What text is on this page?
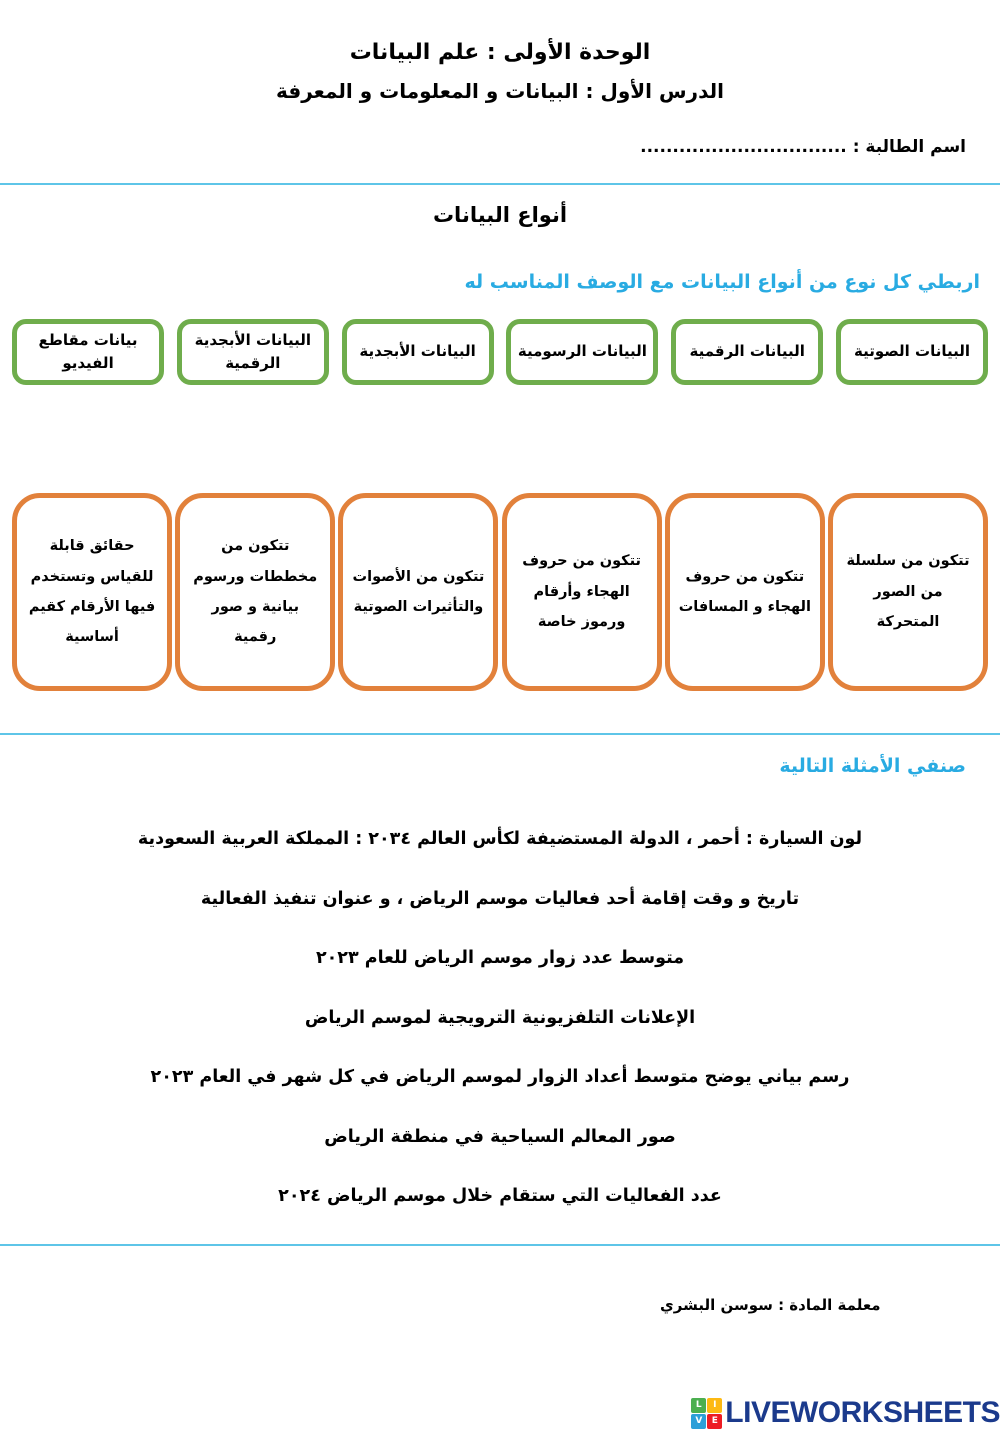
الوحدة الأولى : علم البيانات
الدرس الأول : البيانات و المعلومات و المعرفة
اسم الطالبة : ................................
أنواع البيانات

اربطي كل نوع من أنواع البيانات مع الوصف المناسب له

البيانات الصوتية
البيانات الرقمية
البيانات الرسومية
البيانات الأبجدية
البيانات الأبجدية الرقمية
بيانات مقاطع الفيديو
تتكون من سلسلة من الصور المتحركة
تتكون من حروف الهجاء و المسافات
تتكون من حروف الهجاء وأرقام ورموز خاصة
تتكون من الأصوات والتأثيرات الصوتية
تتكون من مخططات ورسوم بيانية و صور رقمية
حقائق قابلة للقياس وتستخدم فيها الأرقام كقيم أساسية

صنفي الأمثلة التالية

لون السيارة : أحمر ، الدولة المستضيفة لكأس العالم ٢٠٣٤ : المملكة العربية السعودية

تاريخ و وقت إقامة أحد فعاليات موسم الرياض ، و عنوان تنفيذ الفعالية

متوسط عدد زوار موسم الرياض للعام ٢٠٢٣

الإعلانات التلفزيونية الترويجية لموسم الرياض

رسم بياني يوضح متوسط أعداد الزوار لموسم الرياض في كل شهر في العام ٢٠٢٣

صور المعالم السياحية في منطقة الرياض

عدد الفعاليات التي ستقام خلال موسم الرياض ٢٠٢٤

معلمة المادة : سوسن البشري

L	I
V	E LIVEWORKSHEETS
